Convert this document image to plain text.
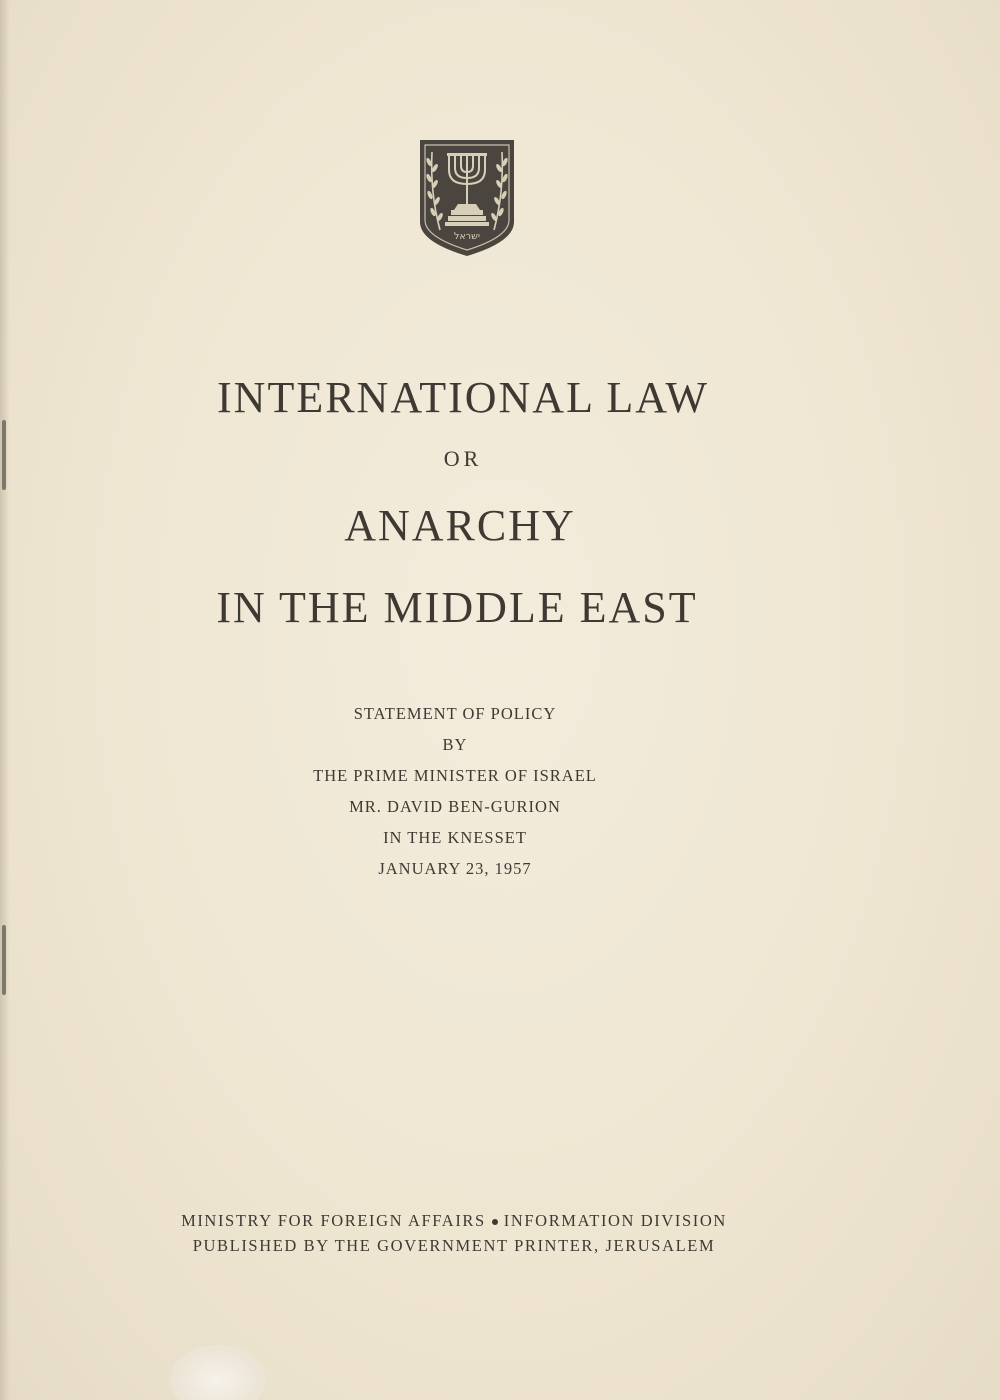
ישראל

INTERNATIONAL LAW

OR

ANARCHY

IN THE MIDDLE EAST

STATEMENT OF POLICY

BY

THE PRIME MINISTER OF ISRAEL

MR. DAVID BEN-GURION

IN THE KNESSET

JANUARY 23, 1957

MINISTRY FOR FOREIGN AFFAIRS INFORMATION DIVISION

PUBLISHED BY THE GOVERNMENT PRINTER, JERUSALEM
